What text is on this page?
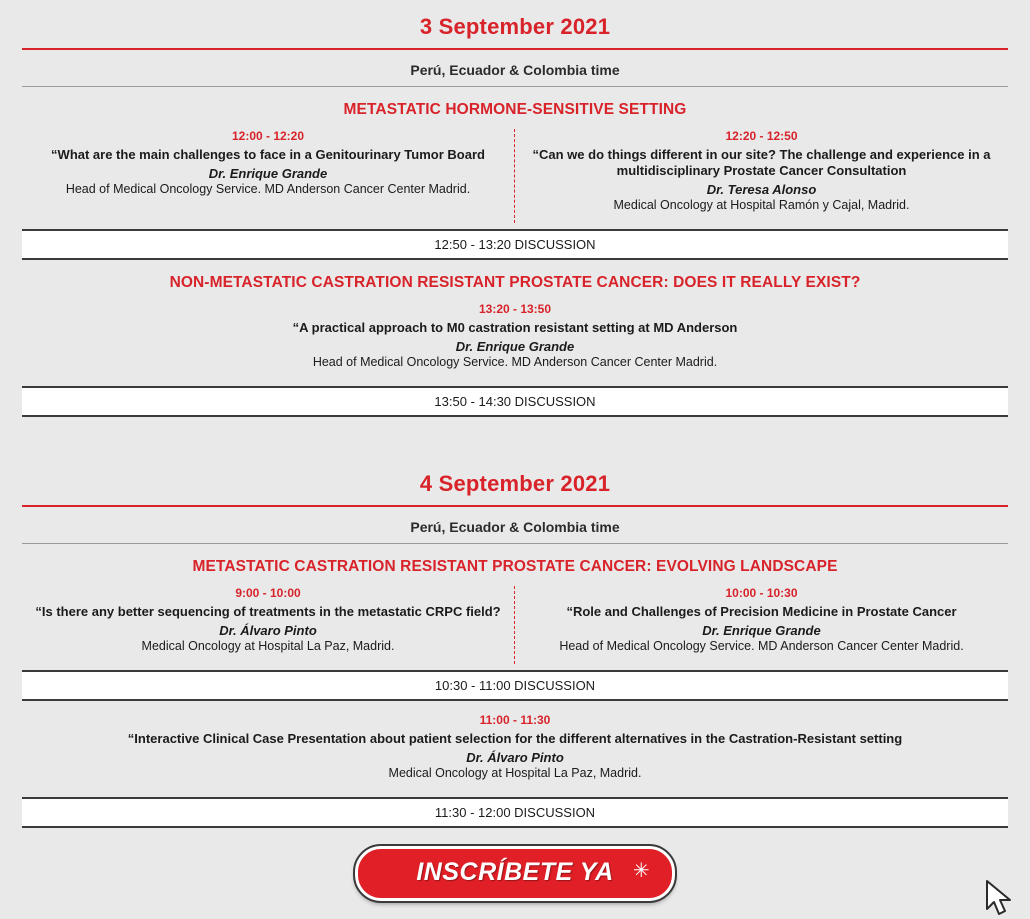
3 September 2021
Perú, Ecuador & Colombia time
METASTATIC HORMONE-SENSITIVE SETTING
12:00 - 12:20
“What are the main challenges to face in a Genitourinary Tumor Board
Dr. Enrique Grande
Head of Medical Oncology Service. MD Anderson Cancer Center Madrid.
12:20 - 12:50
“Can we do things different in our site? The challenge and experience in a multidisciplinary Prostate Cancer Consultation
Dr. Teresa Alonso
Medical Oncology at Hospital Ramón y Cajal, Madrid.
12:50 - 13:20 DISCUSSION
NON-METASTATIC CASTRATION RESISTANT PROSTATE CANCER: DOES IT REALLY EXIST?
13:20 - 13:50
“A practical approach to M0 castration resistant setting at MD Anderson
Dr. Enrique Grande
Head of Medical Oncology Service. MD Anderson Cancer Center Madrid.
13:50 - 14:30 DISCUSSION
4 September 2021
Perú, Ecuador & Colombia time
METASTATIC CASTRATION RESISTANT PROSTATE CANCER: EVOLVING LANDSCAPE
9:00 - 10:00
“Is there any better sequencing of treatments in the metastatic CRPC field?
Dr. Álvaro Pinto
Medical Oncology at Hospital La Paz, Madrid.
10:00 - 10:30
“Role and Challenges of Precision Medicine in Prostate Cancer
Dr. Enrique Grande
Head of Medical Oncology Service. MD Anderson Cancer Center Madrid.
10:30 - 11:00 DISCUSSION
11:00 - 11:30
“Interactive Clinical Case Presentation about patient selection for the different alternatives in the Castration-Resistant setting
Dr. Álvaro Pinto
Medical Oncology at Hospital La Paz, Madrid.
11:30 - 12:00 DISCUSSION
INSCRÍBETE YA ✳
